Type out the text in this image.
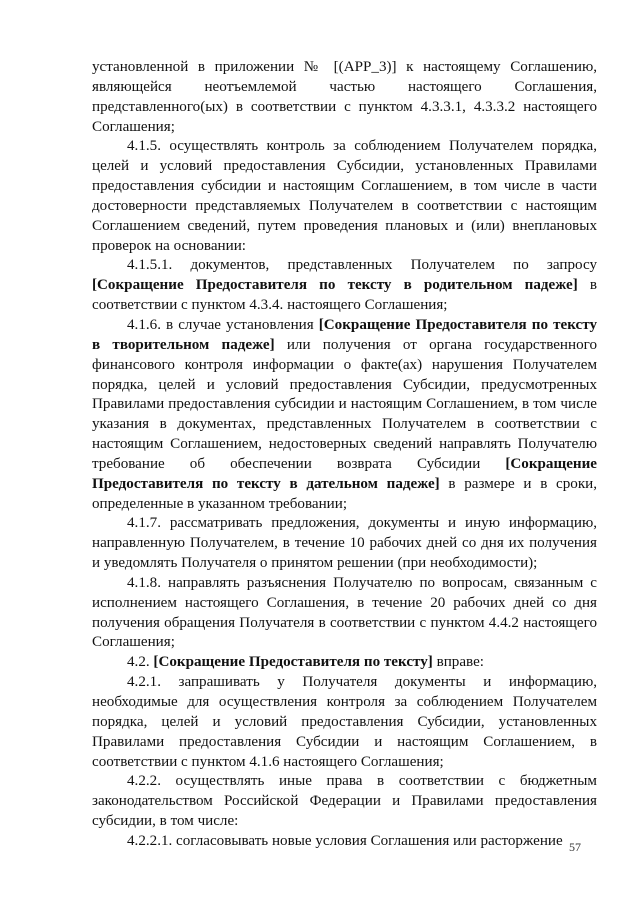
установленной в приложении № [(APP_3)] к настоящему Соглашению, являющейся неотъемлемой частью настоящего Соглашения, представленного(ых) в соответствии с пунктом 4.3.3.1, 4.3.3.2 настоящего Соглашения;

4.1.5. осуществлять контроль за соблюдением Получателем порядка, целей и условий предоставления Субсидии, установленных Правилами предоставления субсидии и настоящим Соглашением, в том числе в части достоверности представляемых Получателем в соответствии с настоящим Соглашением сведений, путем проведения плановых и (или) внеплановых проверок на основании:

4.1.5.1. документов, представленных Получателем по запросу [Сокращение Предоставителя по тексту в родительном падеже] в соответствии с пунктом 4.3.4. настоящего Соглашения;

4.1.6. в случае установления [Сокращение Предоставителя по тексту в творительном падеже] или получения от органа государственного финансового контроля информации о факте(ах) нарушения Получателем порядка, целей и условий предоставления Субсидии, предусмотренных Правилами предоставления субсидии и настоящим Соглашением, в том числе указания в документах, представленных Получателем в соответствии с настоящим Соглашением, недостоверных сведений направлять Получателю требование об обеспечении возврата Субсидии [Сокращение Предоставителя по тексту в дательном падеже] в размере и в сроки, определенные в указанном требовании;

4.1.7. рассматривать предложения, документы и иную информацию, направленную Получателем, в течение 10 рабочих дней со дня их получения и уведомлять Получателя о принятом решении (при необходимости);

4.1.8. направлять разъяснения Получателю по вопросам, связанным с исполнением настоящего Соглашения, в течение 20 рабочих дней со дня получения обращения Получателя в соответствии с пунктом 4.4.2 настоящего Соглашения;

4.2. [Сокращение Предоставителя по тексту] вправе:

4.2.1. запрашивать у Получателя документы и информацию, необходимые для осуществления контроля за соблюдением Получателем порядка, целей и условий предоставления Субсидии, установленных Правилами предоставления Субсидии и настоящим Соглашением, в соответствии с пунктом 4.1.6 настоящего Соглашения;

4.2.2. осуществлять иные права в соответствии с бюджетным законодательством Российской Федерации и Правилами предоставления субсидии, в том числе:

4.2.2.1. согласовывать новые условия Соглашения или расторжение 57
